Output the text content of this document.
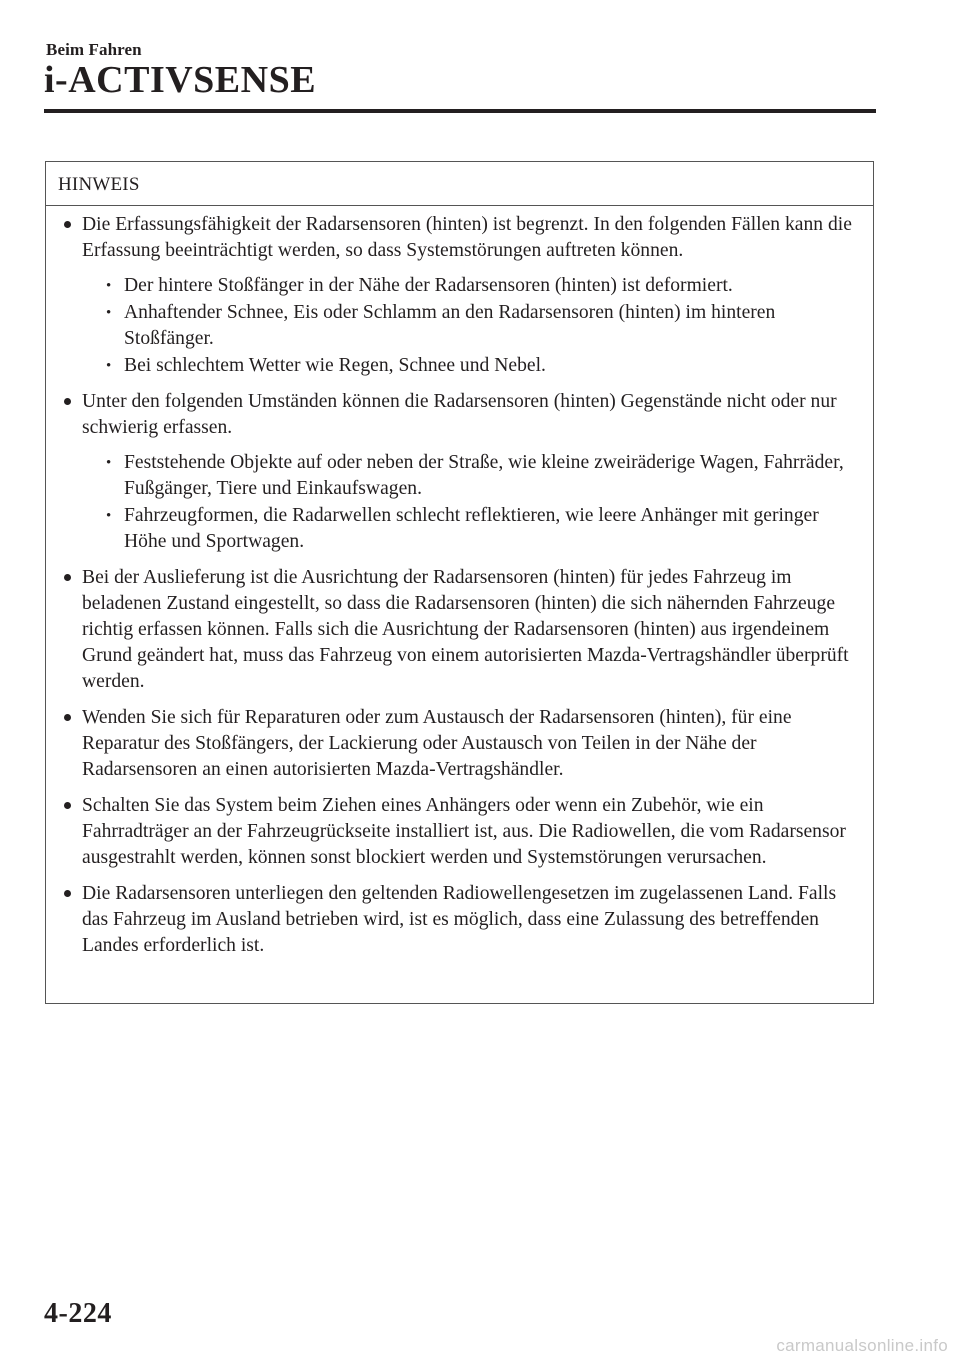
Beim Fahren
i-ACTIVSENSE
HINWEIS
Die Erfassungsfähigkeit der Radarsensoren (hinten) ist begrenzt. In den folgenden Fällen kann die Erfassung beeinträchtigt werden, so dass Systemstörungen auftreten können.
• Der hintere Stoßfänger in der Nähe der Radarsensoren (hinten) ist deformiert.
• Anhaftender Schnee, Eis oder Schlamm an den Radarsensoren (hinten) im hinteren Stoßfänger.
• Bei schlechtem Wetter wie Regen, Schnee und Nebel.
Unter den folgenden Umständen können die Radarsensoren (hinten) Gegenstände nicht oder nur schwierig erfassen.
• Feststehende Objekte auf oder neben der Straße, wie kleine zweiräderige Wagen, Fahrräder, Fußgänger, Tiere und Einkaufswagen.
• Fahrzeugformen, die Radarwellen schlecht reflektieren, wie leere Anhänger mit geringer Höhe und Sportwagen.
Bei der Auslieferung ist die Ausrichtung der Radarsensoren (hinten) für jedes Fahrzeug im beladenen Zustand eingestellt, so dass die Radarsensoren (hinten) die sich nähernden Fahrzeuge richtig erfassen können. Falls sich die Ausrichtung der Radarsensoren (hinten) aus irgendeinem Grund geändert hat, muss das Fahrzeug von einem autorisierten Mazda-Vertragshändler überprüft werden.
Wenden Sie sich für Reparaturen oder zum Austausch der Radarsensoren (hinten), für eine Reparatur des Stoßfängers, der Lackierung oder Austausch von Teilen in der Nähe der Radarsensoren an einen autorisierten Mazda-Vertragshändler.
Schalten Sie das System beim Ziehen eines Anhängers oder wenn ein Zubehör, wie ein Fahrradträger an der Fahrzeugrückseite installiert ist, aus. Die Radiowellen, die vom Radarsensor ausgestrahlt werden, können sonst blockiert werden und Systemstörungen verursachen.
Die Radarsensoren unterliegen den geltenden Radiowellengesetzen im zugelassenen Land. Falls das Fahrzeug im Ausland betrieben wird, ist es möglich, dass eine Zulassung des betreffenden Landes erforderlich ist.
4-224
carmanualsonline.info
